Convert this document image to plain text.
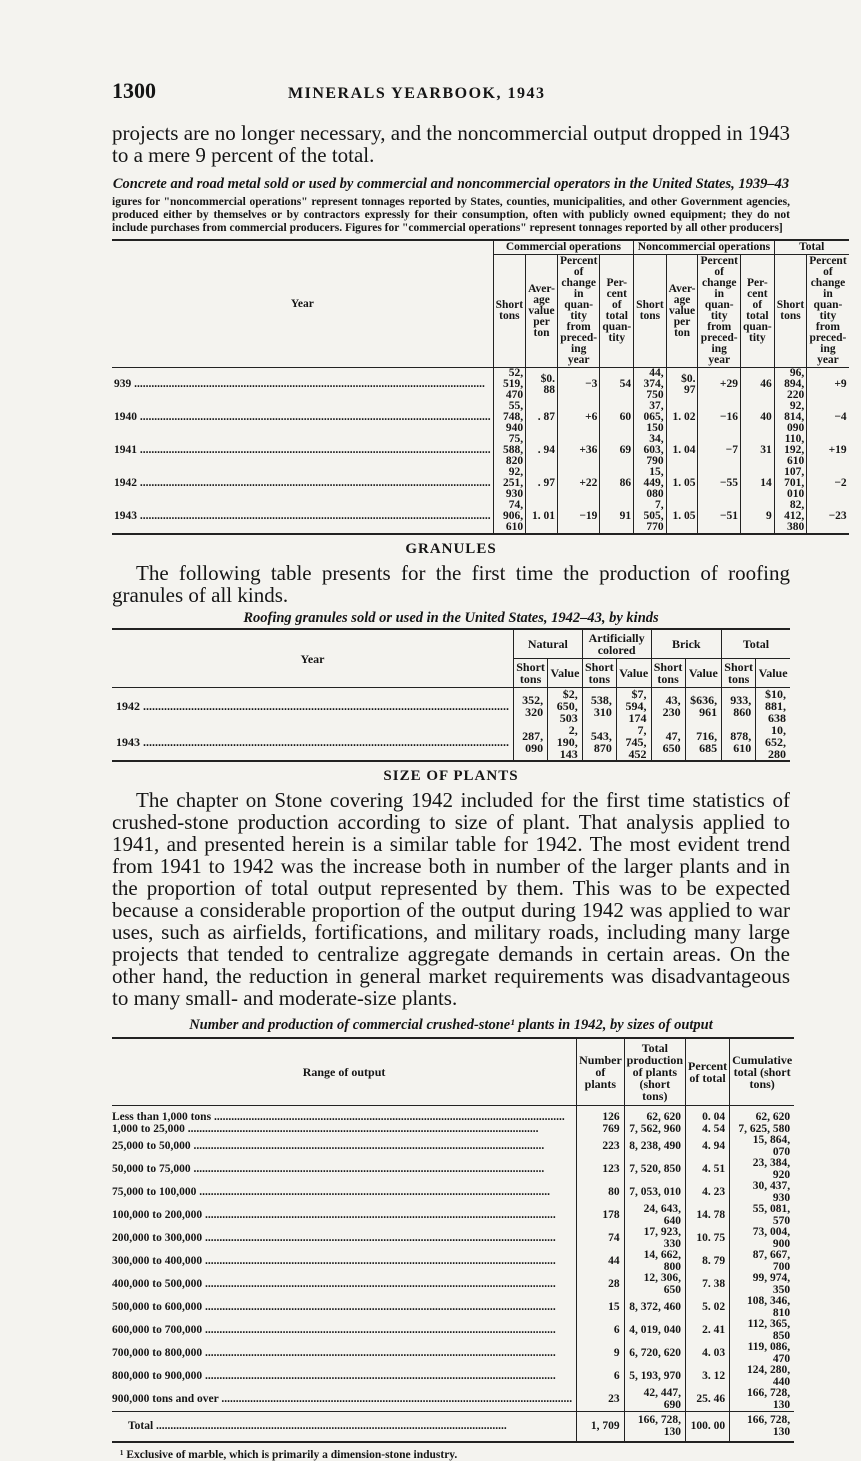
1300	MINERALS YEARBOOK, 1943
projects are no longer necessary, and the noncommercial output dropped in 1943 to a mere 9 percent of the total.
Concrete and road metal sold or used by commercial and noncommercial operators in the United States, 1939–43
igures for "noncommercial operations" represent tonnages reported by States, counties, municipalities, and other Government agencies, produced either by themselves or by contractors expressly for their consumption, often with publicly owned equipment; they do not include purchases from commercial producers. Figures for "commercial operations" represent tonnages reported by all other producers]
Year	Commercial operations				Noncommercial operations				Total	
	Short tons	Aver-age value per ton	Percent of change in quan-tity from preced-ing year	Per-cent of total quan-tity	Short tons	Aver-age value per ton	Percent of change in quan-tity from preced-ing year	Per-cent of total quan-tity	Short tons	Percent of change in quan-tity from preced-ing year
939 .....	52, 519, 470	$0. 88	−3	54	44, 374, 750	$0. 97	+29	46	96, 894, 220	+9
1940 .....	55, 748, 940	. 87	+6	60	37, 065, 150	1. 02	−16	40	92, 814, 090	−4
1941 .....	75, 588, 820	. 94	+36	69	34, 603, 790	1. 04	−7	31	110, 192, 610	+19
1942 .....	92, 251, 930	. 97	+22	86	15, 449, 080	1. 05	−55	14	107, 701, 010	−2
1943 .....	74, 906, 610	1. 01	−19	91	7, 505, 770	1. 05	−51	9	82, 412, 380	−23
GRANULES
The following table presents for the first time the production of roofing granules of all kinds.
Roofing granules sold or used in the United States, 1942–43, by kinds
Year	Natural		Artificially colored		Brick		Total	
	Short tons	Value	Short tons	Value	Short tons	Value	Short tons	Value
1942 .....	352, 320	$2, 650, 503	538, 310	$7, 594, 174	43, 230	$636, 961	933, 860	$10, 881, 638
1943 .....	287, 090	2, 190, 143	543, 870	7, 745, 452	47, 650	716, 685	878, 610	10, 652, 280
SIZE OF PLANTS
The chapter on Stone covering 1942 included for the first time statistics of crushed-stone production according to size of plant. That analysis applied to 1941, and presented herein is a similar table for 1942. The most evident trend from 1941 to 1942 was the increase both in number of the larger plants and in the proportion of total output represented by them. This was to be expected because a considerable proportion of the output during 1942 was applied to war uses, such as airfields, fortifications, and military roads, including many large projects that tended to centralize aggregate demands in certain areas. On the other hand, the reduction in general market requirements was disadvantageous to many small- and moderate-size plants.
Number and production of commercial crushed-stone¹ plants in 1942, by sizes of output
Range of output	Number of plants	Total production of plants (short tons)	Percent of total	Cumulative total (short tons)

Less than 1,000 tons .....	126	62, 620	0. 04	62, 620
1,000 to 25,000 .....	769	7, 562, 960	4. 54	7, 625, 580
25,000 to 50,000 .....	223	8, 238, 490	4. 94	15, 864, 070
50,000 to 75,000 .....	123	7, 520, 850	4. 51	23, 384, 920
75,000 to 100,000 .....	80	7, 053, 010	4. 23	30, 437, 930
100,000 to 200,000 .....	178	24, 643, 640	14. 78	55, 081, 570
200,000 to 300,000 .....	74	17, 923, 330	10. 75	73, 004, 900
300,000 to 400,000 .....	44	14, 662, 800	8. 79	87, 667, 700
400,000 to 500,000 .....	28	12, 306, 650	7. 38	99, 974, 350
500,000 to 600,000 .....	15	8, 372, 460	5. 02	108, 346, 810
600,000 to 700,000 .....	6	4, 019, 040	2. 41	112, 365, 850
700,000 to 800,000 .....	9	6, 720, 620	4. 03	119, 086, 470
800,000 to 900,000 .....	6	5, 193, 970	3. 12	124, 280, 440
900,000 tons and over .....	23	42, 447, 690	25. 46	166, 728, 130
Total .....	1, 709	166, 728, 130	100. 00	166, 728, 130
¹ Exclusive of marble, which is primarily a dimension-stone industry.
